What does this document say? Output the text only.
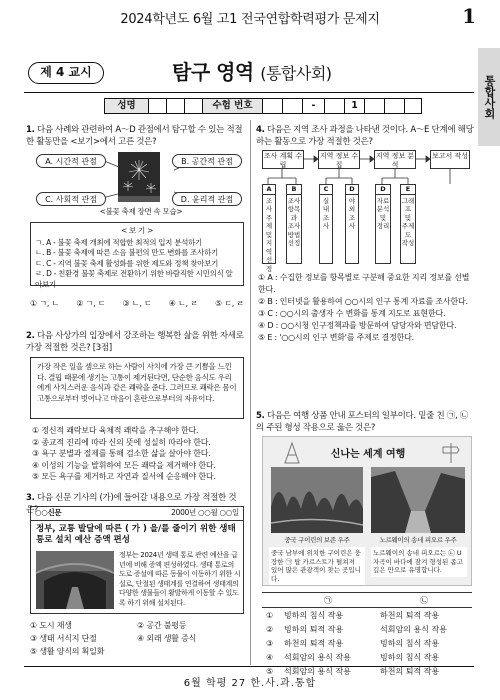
2024학년도 6월 고1 전국연합학력평가 문제지	1
제 4 교시	탐구 영역 (통합사회)
통합사회
성명	수험 번호	-	1
1. 다음 사례와 관련하여 A～D 관점에서 탐구할 수 있는 적절한 활동만을 <보기>에서 고른 것은?
A. 시간적 관점	B. 공간적 관점
C. 사회적 관점	D. 윤리적 관점
<불꽃 축제 장면 속 모습>
< 보 기 >
ㄱ. A - 불꽃 축제 개최에 적합한 최적의 입지 분석하기
ㄴ. B - 불꽃 축제에 따른 소음 불편의 만도 변화를 조사하기
ㄷ. C - 지역 불꽃 축제 활성화를 위한 제도와 정책 찾아보기
ㄹ. D - 친환경 불꽃 축제로 전환하기 위한 바람직한 시민의식 알아보기
① ㄱ, ㄴ ② ㄱ, ㄷ ③ ㄴ, ㄷ ④ ㄴ, ㄹ ⑤ ㄷ, ㄹ
2. 다음 사상가의 입장에서 강조하는 행복한 삶을 위한 자세로 가장 적절한 것은? [3점]
가장 작은 일을 셈으로 하는 사람이 사치에 가장 큰 기쁨을 느낀다. 결핍 때문에 생기는 고통이 제거된다면, 단순한 음식도 우리에게 사치스러운 음식과 같은 쾌락을 준다. 그러므로 쾌락은 몸이 고통으로부터 벗어나고 마음이 혼란으로부터의 자유이다.
① 정신적 쾌락보다 육체적 쾌락을 추구해야 한다.
② 종교적 진리에 따라 신의 뜻에 성실히 따라야 한다.
③ 욕구 분별과 절제를 통해 검소한 삶을 살아야 한다.
④ 이성의 기능을 발휘하여 모든 쾌락을 제거해야 한다.
⑤ 모든 욕구를 제거하고 자연과 질서에 순응해야 한다.
3. 다음 신문 기사의 (가)에 들어갈 내용으로 가장 적절한 것은?
○○신문	2000년 ○○월 ○○일
정부, 교통 발달에 따른 ( 가 ) 을/를 줄이기 위한 생태 통로 설치 예산 증액 편성
정부는 2024년 생태 통로 관련 예산을 급년에 비해 증액 편성하였다. 생태 통로의 도로 증설에 따른 동물이 이동하기 위한 시설로, 단절된 생태계를 연결하여 생태계의 다양한 생물들이 활발하게 이동할 수 있도록 하기 위해 설치된다.
① 도시 재생	② 공간 불평등
③ 생태 서식지 단절	④ 외래 생활 증식
⑤ 생활 양식의 획일화
4. 다음은 지역 조사 과정을 나타낸 것이다. A～E 단계에 해당하는 활동으로 가장 적절한 것은?
조사 계획 수립
지역 정보 수집
지역 정보 분석
보고서 작성
A
조사 주제 및 지역 선정
B
조사 항목과 조사 방법 선정
C
실내 조사
D
야외 조사
D
자료 분석 및 정리
E
그래프 및 주제도 작성
① A : 수집한 정보를 항목별로 구분해 중요한 지리 정보를 선별한다.
② B : 인터넷을 활용하여 ○○시의 인구 통계 자료를 조사한다.
③ C : ○○시의 출생자 수 변화를 통계 지도로 표현한다.
④ D : ○○시청 인구정책과를 방문하여 담당자와 면담한다.
⑤ E : '○○시의 인구 변화'를 주제로 결정한다.
5. 다음은 여행 상품 안내 포스터의 일부이다. 밑줄 친 ㉠, ㉡의 주된 형성 작용으로 옳은 것은?
신나는 세계 여행
중국 구이린의 보존 우주	노르웨이의 송네 피오르 우주
중국 남부에 위치한 구이린은 웅장한 ㉠ 탑 카르스트가 펼쳐져 있어 많은 관광객이 찾는 곳입니다.
노르웨이의 송네 피오르는 ㉡ U자곡이 바다에 잠겨 형성된 좁고 깊은 만으로 유명합니다.
	㉠	㉡
①	빙하의 침식 작용	하천의 퇴적 작용
②	빙하의 퇴적 작용	석회암의 용식 작용
③	하천의 퇴적 작용	빙하의 침식 작용
④	석회암의 용식 작용	빙하의 침식 작용
⑤	석회암의 용식 작용	하천의 퇴적 작용
6월 학평 27 한.사.과.통합
